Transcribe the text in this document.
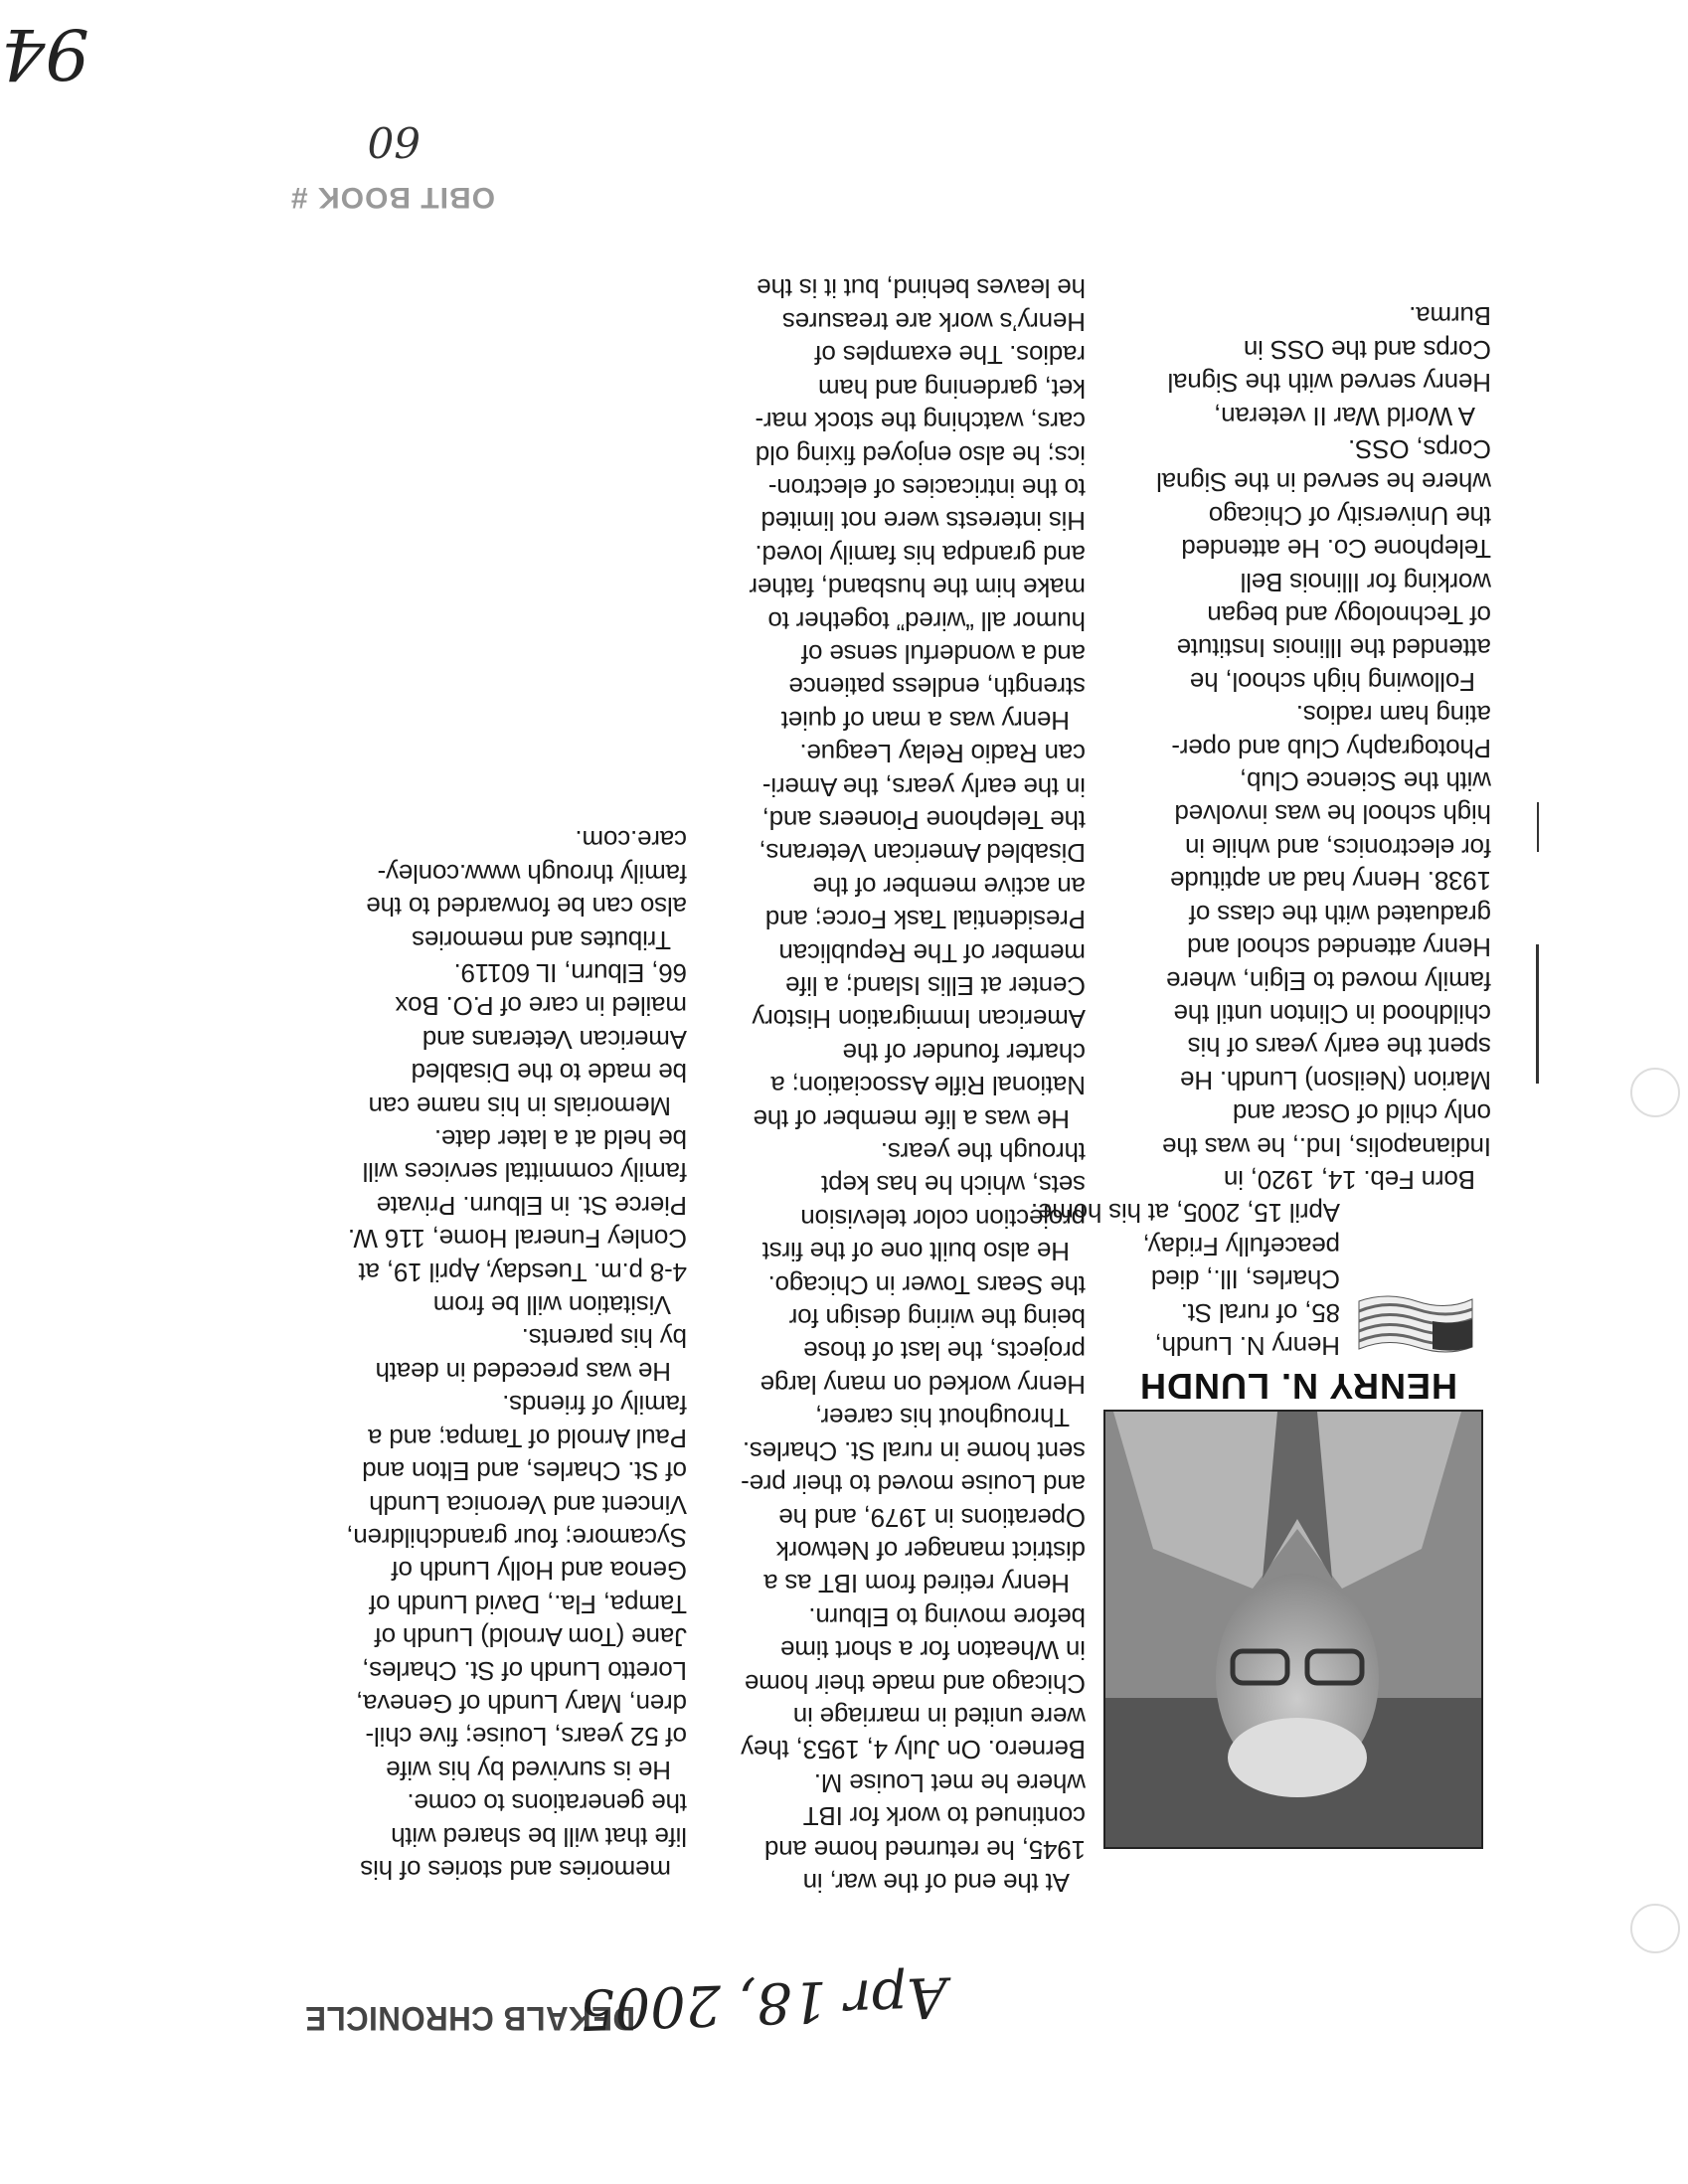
DEKALB CHRONICLE
Apr 18, 2005
HENRY N. LUNDH
Henry N. Lundh,
85, of rural St.
Charles, Ill., died
peacefully Friday,
April 15, 2005, at his home.
Born Feb. 14, 1920, in
Indianapolis, Ind., he was the
only child of Oscar and
Marion (Neilson) Lundh. He
spent the early years of his
childhood in Clinton until the
family moved to Elgin, where
Henry attended school and
graduated with the class of
1938. Henry had an aptitude
for electronics, and while in
high school he was involved
with the Science Club,
Photography Club and oper-
ating ham radios.
Following high school, he
attended the Illinois Institute
of Technology and began
working for Illinois Bell
Telephone Co. He attended
the University of Chicago
where he served in the Signal
Corps, OSS.
A World War II veteran,
Henry served with the Signal
Corps and the OSS in
Burma.
At the end of the war, in
1945, he returned home and
continued to work for IBT
where he met Louise M.
Bernero. On July 4, 1953, they
were united in marriage in
Chicago and made their home
in Wheaton for a short time
before moving to Elburn.
Henry retired from IBT as a
district manager of Network
Operations in 1979, and he
and Louise moved to their pre-
sent home in rural St. Charles.
Throughout his career,
Henry worked on many large
projects, the last of those
being the wiring design for
the Sears Tower in Chicago.
He also built one of the first
projection color television
sets, which he has kept
through the years.
He was a life member of the
National Rifle Association; a
charter founder of the
American Immigration History
Center at Ellis Island; a life
member of The Republican
Presidential Task Force; and
an active member of the
Disabled American Veterans,
the Telephone Pioneers and,
in the early years, the Ameri-
can Radio Relay League.
Henry was a man of quiet
strength, endless patience
and a wonderful sense of
humor all “wired” together to
make him the husband, father
and grandpa his family loved.
His interests were not limited
to the intricacies of electron-
ics; he also enjoyed fixing old
cars, watching the stock mar-
ket, gardening and ham
radios. The examples of
Henry’s work are treasures
he leaves behind, but it is the
memories and stories of his
life that will be shared with
the generations to come.
He is survived by his wife
of 52 years, Louise; five chil-
dren, Mary Lundh of Geneva,
Loretto Lundh of St. Charles,
Jane (Tom Arnold) Lundh of
Tampa, Fla., David Lundh of
Genoa and Holly Lundh of
Sycamore; four grandchildren,
Vincent and Veronica Lundh
of St. Charles, and Elton and
Paul Arnold of Tampa; and a
family of friends.
He was preceded in death
by his parents.
Visitation will be from
4-8 p.m. Tuesday, April 19, at
Conley Funeral Home, 116 W.
Pierce St. in Elburn. Private
family committal services will
be held at a later date.
Memorials in his name can
be made to the Disabled
American Veterans and
mailed in care of P.O. Box
66, Elburn, IL 60119.
Tributes and memories
also can be forwarded to the
family through www.conley-
care.com.
OBIT BOOK #
60
94
